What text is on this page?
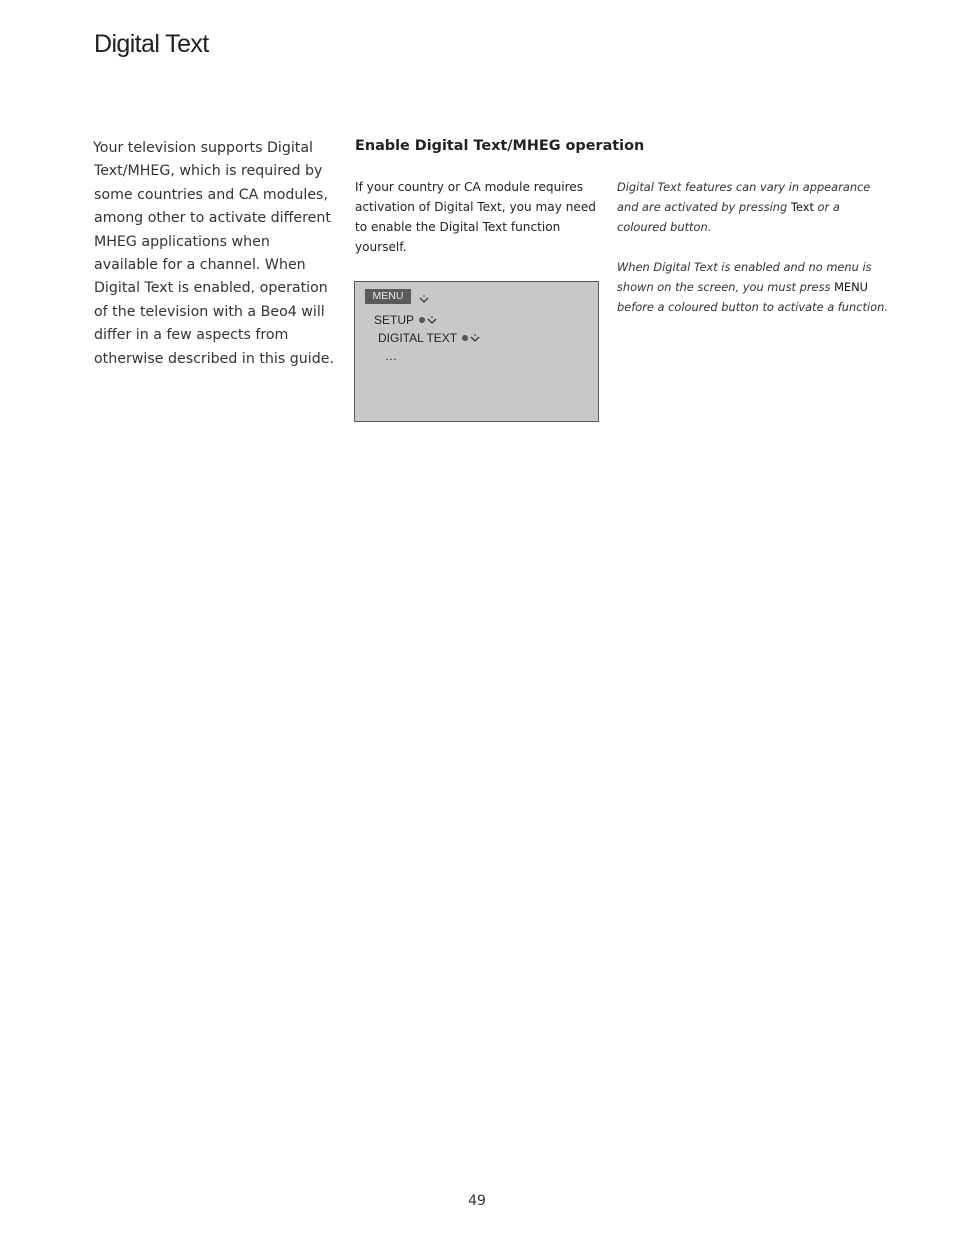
Digital Text
Your television supports Digital
Text/MHEG, which is required by
some countries and CA modules,
among other to activate different
MHEG applications when
available for a channel. When
Digital Text is enabled, operation
of the television with a Beo4 will
differ in a few aspects from
otherwise described in this guide.
Enable Digital Text/MHEG operation
If your country or CA module requires
activation of Digital Text, you may need
to enable the Digital Text function
yourself.
Digital Text features can vary in appearance
and are activated by pressing Text or a
coloured button.
When Digital Text is enabled and no menu is
shown on the screen, you must press MENU
before a coloured button to activate a function.
MENU
SETUP
DIGITAL TEXT
…
49
